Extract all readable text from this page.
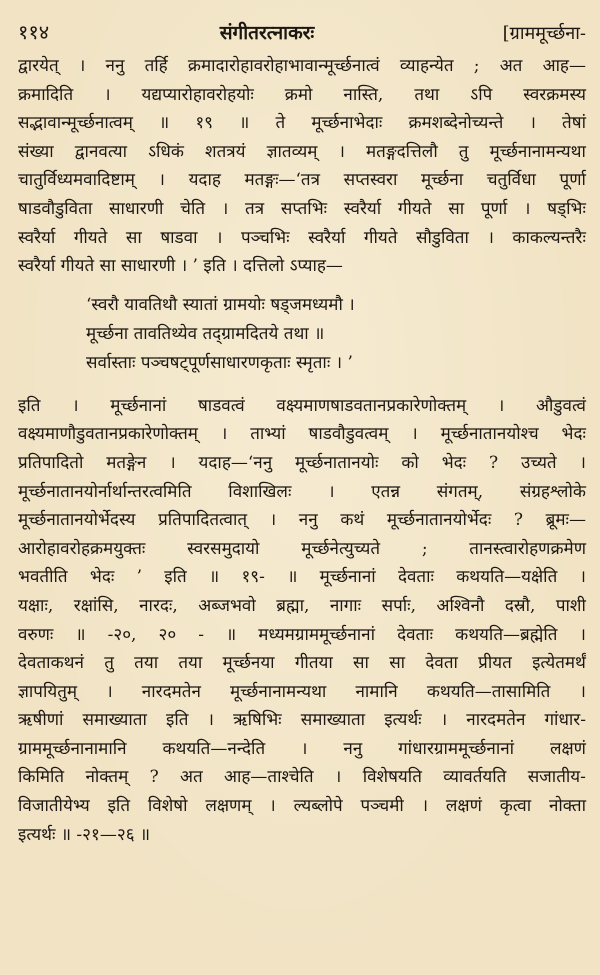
११४	संगीतरत्नाकरः	[ग्राममूर्च्छना-
द्वारयेत् । ननु तर्हि क्रमादारोहावरोहाभावान्मूर्च्छनात्वं व्याहन्येत ; अत आह—
क्रमादिति । यद्यप्यारोहावरोहयोः क्रमो नास्ति, तथा ऽपि स्वरक्रमस्य
सद्भावान्मूर्च्छनात्वम् ॥ १९ ॥ ते मूर्च्छनाभेदाः क्रमशब्देनोच्यन्ते । तेषां
संख्या द्वानवत्या ऽधिकं शतत्रयं ज्ञातव्यम् । मतङ्गदत्तिलौ तु मूर्च्छनानामन्यथा
चातुर्विध्यमवादिष्टाम् । यदाह मतङ्गः—‘तत्र सप्तस्वरा मूर्च्छना चतुर्विधा पूर्णा
षाडवौडुविता साधारणी चेति । तत्र सप्तभिः स्वरैर्या गीयते सा पूर्णा । षड्भिः
स्वरैर्या गीयते सा षाडवा । पञ्चभिः स्वरैर्या गीयते सौडुविता । काकल्यन्तरैः
स्वरैर्या गीयते सा साधारणी । ’ इति । दत्तिलो ऽप्याह—
‘स्वरौ यावतिथौ स्यातां ग्रामयोः षड्जमध्यमौ ।
मूर्च्छना तावतिथ्येव तद्ग्रामदितये तथा ॥
सर्वास्ताः पञ्चषट्पूर्णसाधारणकृताः स्मृताः । ’
इति । मूर्च्छनानां षाडवत्वं वक्ष्यमाणषाडवतानप्रकारेणोक्तम् । औडुवत्वं
वक्ष्यमाणौडुवतानप्रकारेणोक्तम् । ताभ्यां षाडवौडुवत्वम् । मूर्च्छनातानयोश्च भेदः
प्रतिपादितो मतङ्गेन । यदाह—‘ननु मूर्च्छनातानयोः को भेदः ? उच्यते ।
मूर्च्छनातानयोर्नार्थान्तरत्वमिति विशाखिलः । एतन्न संगतम्, संग्रहश्लोके
मूर्च्छनातानयोर्भेदस्य प्रतिपादितत्वात् । ननु कथं मूर्च्छनातानयोर्भेदः ? ब्रूमः—
आरोहावरोहक्रमयुक्तः स्वरसमुदायो मूर्च्छनेत्युच्यते ; तानस्त्वारोहणक्रमेण
भवतीति भेदः ’ इति ॥ १९- ॥ मूर्च्छनानां देवताः कथयति—यक्षेति ।
यक्षाः, रक्षांसि, नारदः, अब्जभवो ब्रह्मा, नागाः सर्पाः, अश्विनौ दस्रौ, पाशी
वरुणः ॥ -२०, २० - ॥ मध्यमग्राममूर्च्छनानां देवताः कथयति—ब्रह्मेति ।
देवताकथनं तु तया तया मूर्च्छनया गीतया सा सा देवता प्रीयत इत्येतमर्थं
ज्ञापयितुम् । नारदमतेन मूर्च्छनानामन्यथा नामानि कथयति—तासामिति ।
ऋषीणां समाख्याता इति । ऋषिभिः समाख्याता इत्यर्थः । नारदमतेन गांधार-
ग्राममूर्च्छनानामानि कथयति—नन्देति । ननु गांधारग्राममूर्च्छनानां लक्षणं
किमिति नोक्तम् ? अत आह—ताश्चेति । विशेषयति व्यावर्तयति सजातीय-
विजातीयेभ्य इति विशेषो लक्षणम् । ल्यब्लोपे पञ्चमी । लक्षणं कृत्वा नोक्ता
इत्यर्थः ॥ -२१—२६ ॥
